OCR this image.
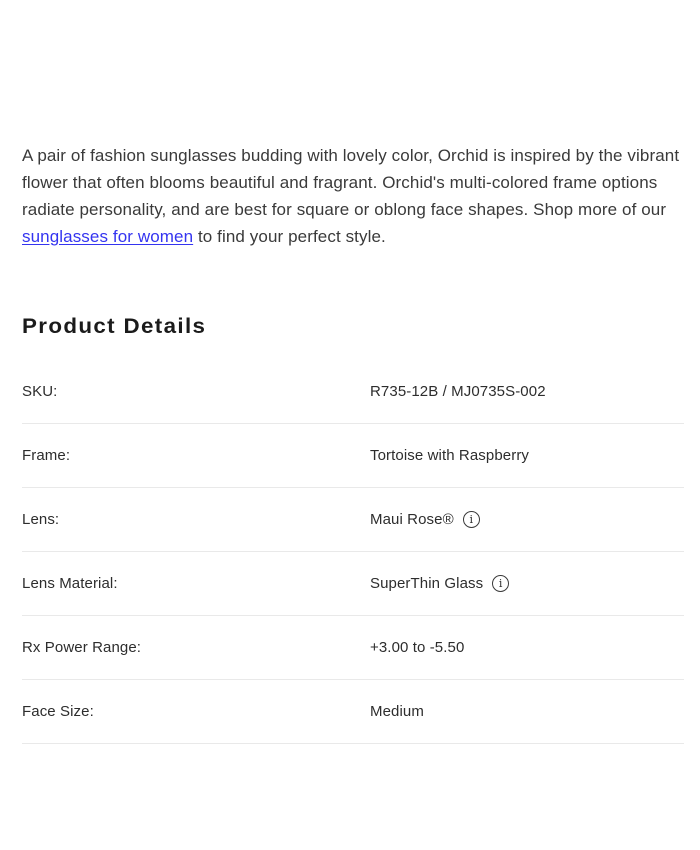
A pair of fashion sunglasses budding with lovely color, Orchid is inspired by the vibrant flower that often blooms beautiful and fragrant. Orchid's multi-colored frame options radiate personality, and are best for square or oblong face shapes. Shop more of our sunglasses for women to find your perfect style.

Product Details
SKU:	R735-12B / MJ0735S-002
Frame:	Tortoise with Raspberry
Lens:	Maui Rose®	i
Lens Material:	SuperThin Glass	i
Rx Power Range:	+3.00 to -5.50
Face Size:	Medium
